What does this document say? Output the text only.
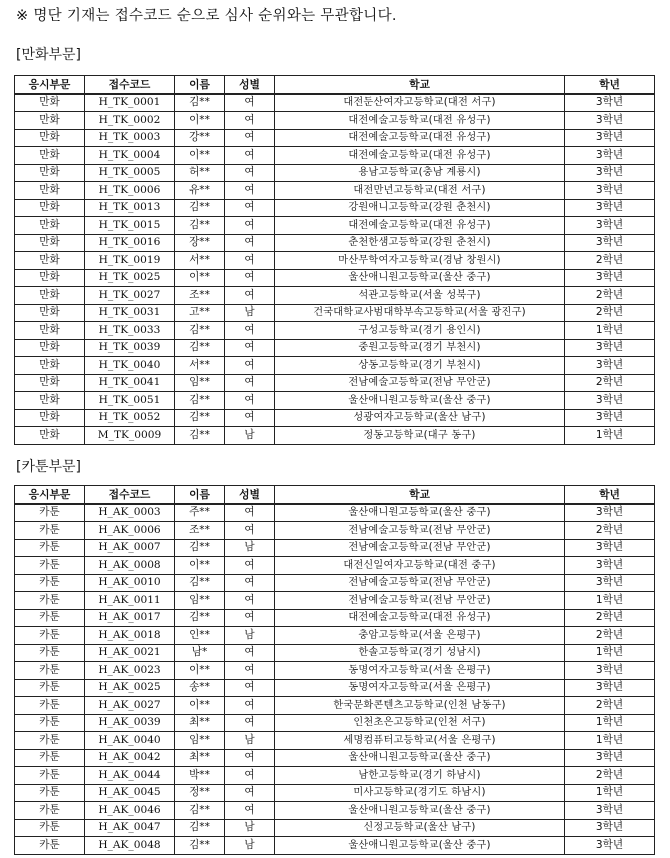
※ 명단 기재는 접수코드 순으로 심사 순위와는 무관합니다.
[만화부문]
응시부문	접수코드	이름	성별	학교	학년
만화	H_TK_0001	김**	여	대전둔산여자고등학교(대전 서구)	3학년
만화	H_TK_0002	이**	여	대전예술고등학교(대전 유성구)	3학년
만화	H_TK_0003	강**	여	대전예술고등학교(대전 유성구)	3학년
만화	H_TK_0004	이**	여	대전예술고등학교(대전 유성구)	3학년
만화	H_TK_0005	허**	여	용남고등학교(충남 계룡시)	3학년
만화	H_TK_0006	유**	여	대전만년고등학교(대전 서구)	3학년
만화	H_TK_0013	김**	여	강원애니고등학교(강원 춘천시)	3학년
만화	H_TK_0015	김**	여	대전예술고등학교(대전 유성구)	3학년
만화	H_TK_0016	장**	여	춘천한샘고등학교(강원 춘천시)	3학년
만화	H_TK_0019	서**	여	마산무학여자고등학교(경남 창원시)	2학년
만화	H_TK_0025	이**	여	울산애니원고등학교(울산 중구)	3학년
만화	H_TK_0027	조**	여	석관고등학교(서울 성북구)	2학년
만화	H_TK_0031	고**	남	건국대학교사범대학부속고등학교(서울 광진구)	2학년
만화	H_TK_0033	김**	여	구성고등학교(경기 용인시)	1학년
만화	H_TK_0039	김**	여	중원고등학교(경기 부천시)	3학년
만화	H_TK_0040	서**	여	상동고등학교(경기 부천시)	3학년
만화	H_TK_0041	임**	여	전남예술고등학교(전남 무안군)	2학년
만화	H_TK_0051	김**	여	울산애니원고등학교(울산 중구)	3학년
만화	H_TK_0052	김**	여	성광여자고등학교(울산 남구)	3학년
만화	M_TK_0009	김**	남	정동고등학교(대구 동구)	1학년
[카툰부문]
응시부문	접수코드	이름	성별	학교	학년
카툰	H_AK_0003	주**	여	울산애니원고등학교(울산 중구)	3학년
카툰	H_AK_0006	조**	여	전남예술고등학교(전남 무안군)	2학년
카툰	H_AK_0007	김**	남	전남예술고등학교(전남 무안군)	3학년
카툰	H_AK_0008	이**	여	대전신일여자고등학교(대전 중구)	3학년
카툰	H_AK_0010	김**	여	전남예술고등학교(전남 무안군)	3학년
카툰	H_AK_0011	임**	여	전남예술고등학교(전남 무안군)	1학년
카툰	H_AK_0017	김**	여	대전예술고등학교(대전 유성구)	2학년
카툰	H_AK_0018	인**	남	충암고등학교(서울 은평구)	2학년
카툰	H_AK_0021	남*	여	한솔고등학교(경기 성남시)	1학년
카툰	H_AK_0023	이**	여	동명여자고등학교(서울 은평구)	3학년
카툰	H_AK_0025	송**	여	동명여자고등학교(서울 은평구)	3학년
카툰	H_AK_0027	이**	여	한국문화콘텐츠고등학교(인천 남동구)	2학년
카툰	H_AK_0039	최**	여	인천초은고등학교(인천 서구)	1학년
카툰	H_AK_0040	임**	남	세명컴퓨터고등학교(서울 은평구)	1학년
카툰	H_AK_0042	최**	여	울산애니원고등학교(울산 중구)	3학년
카툰	H_AK_0044	박**	여	남한고등학교(경기 하남시)	2학년
카툰	H_AK_0045	정**	여	미사고등학교(경기도 하남시)	1학년
카툰	H_AK_0046	김**	여	울산애니원고등학교(울산 중구)	3학년
카툰	H_AK_0047	김**	남	신정고등학교(울산 남구)	3학년
카툰	H_AK_0048	김**	남	울산애니원고등학교(울산 중구)	3학년
